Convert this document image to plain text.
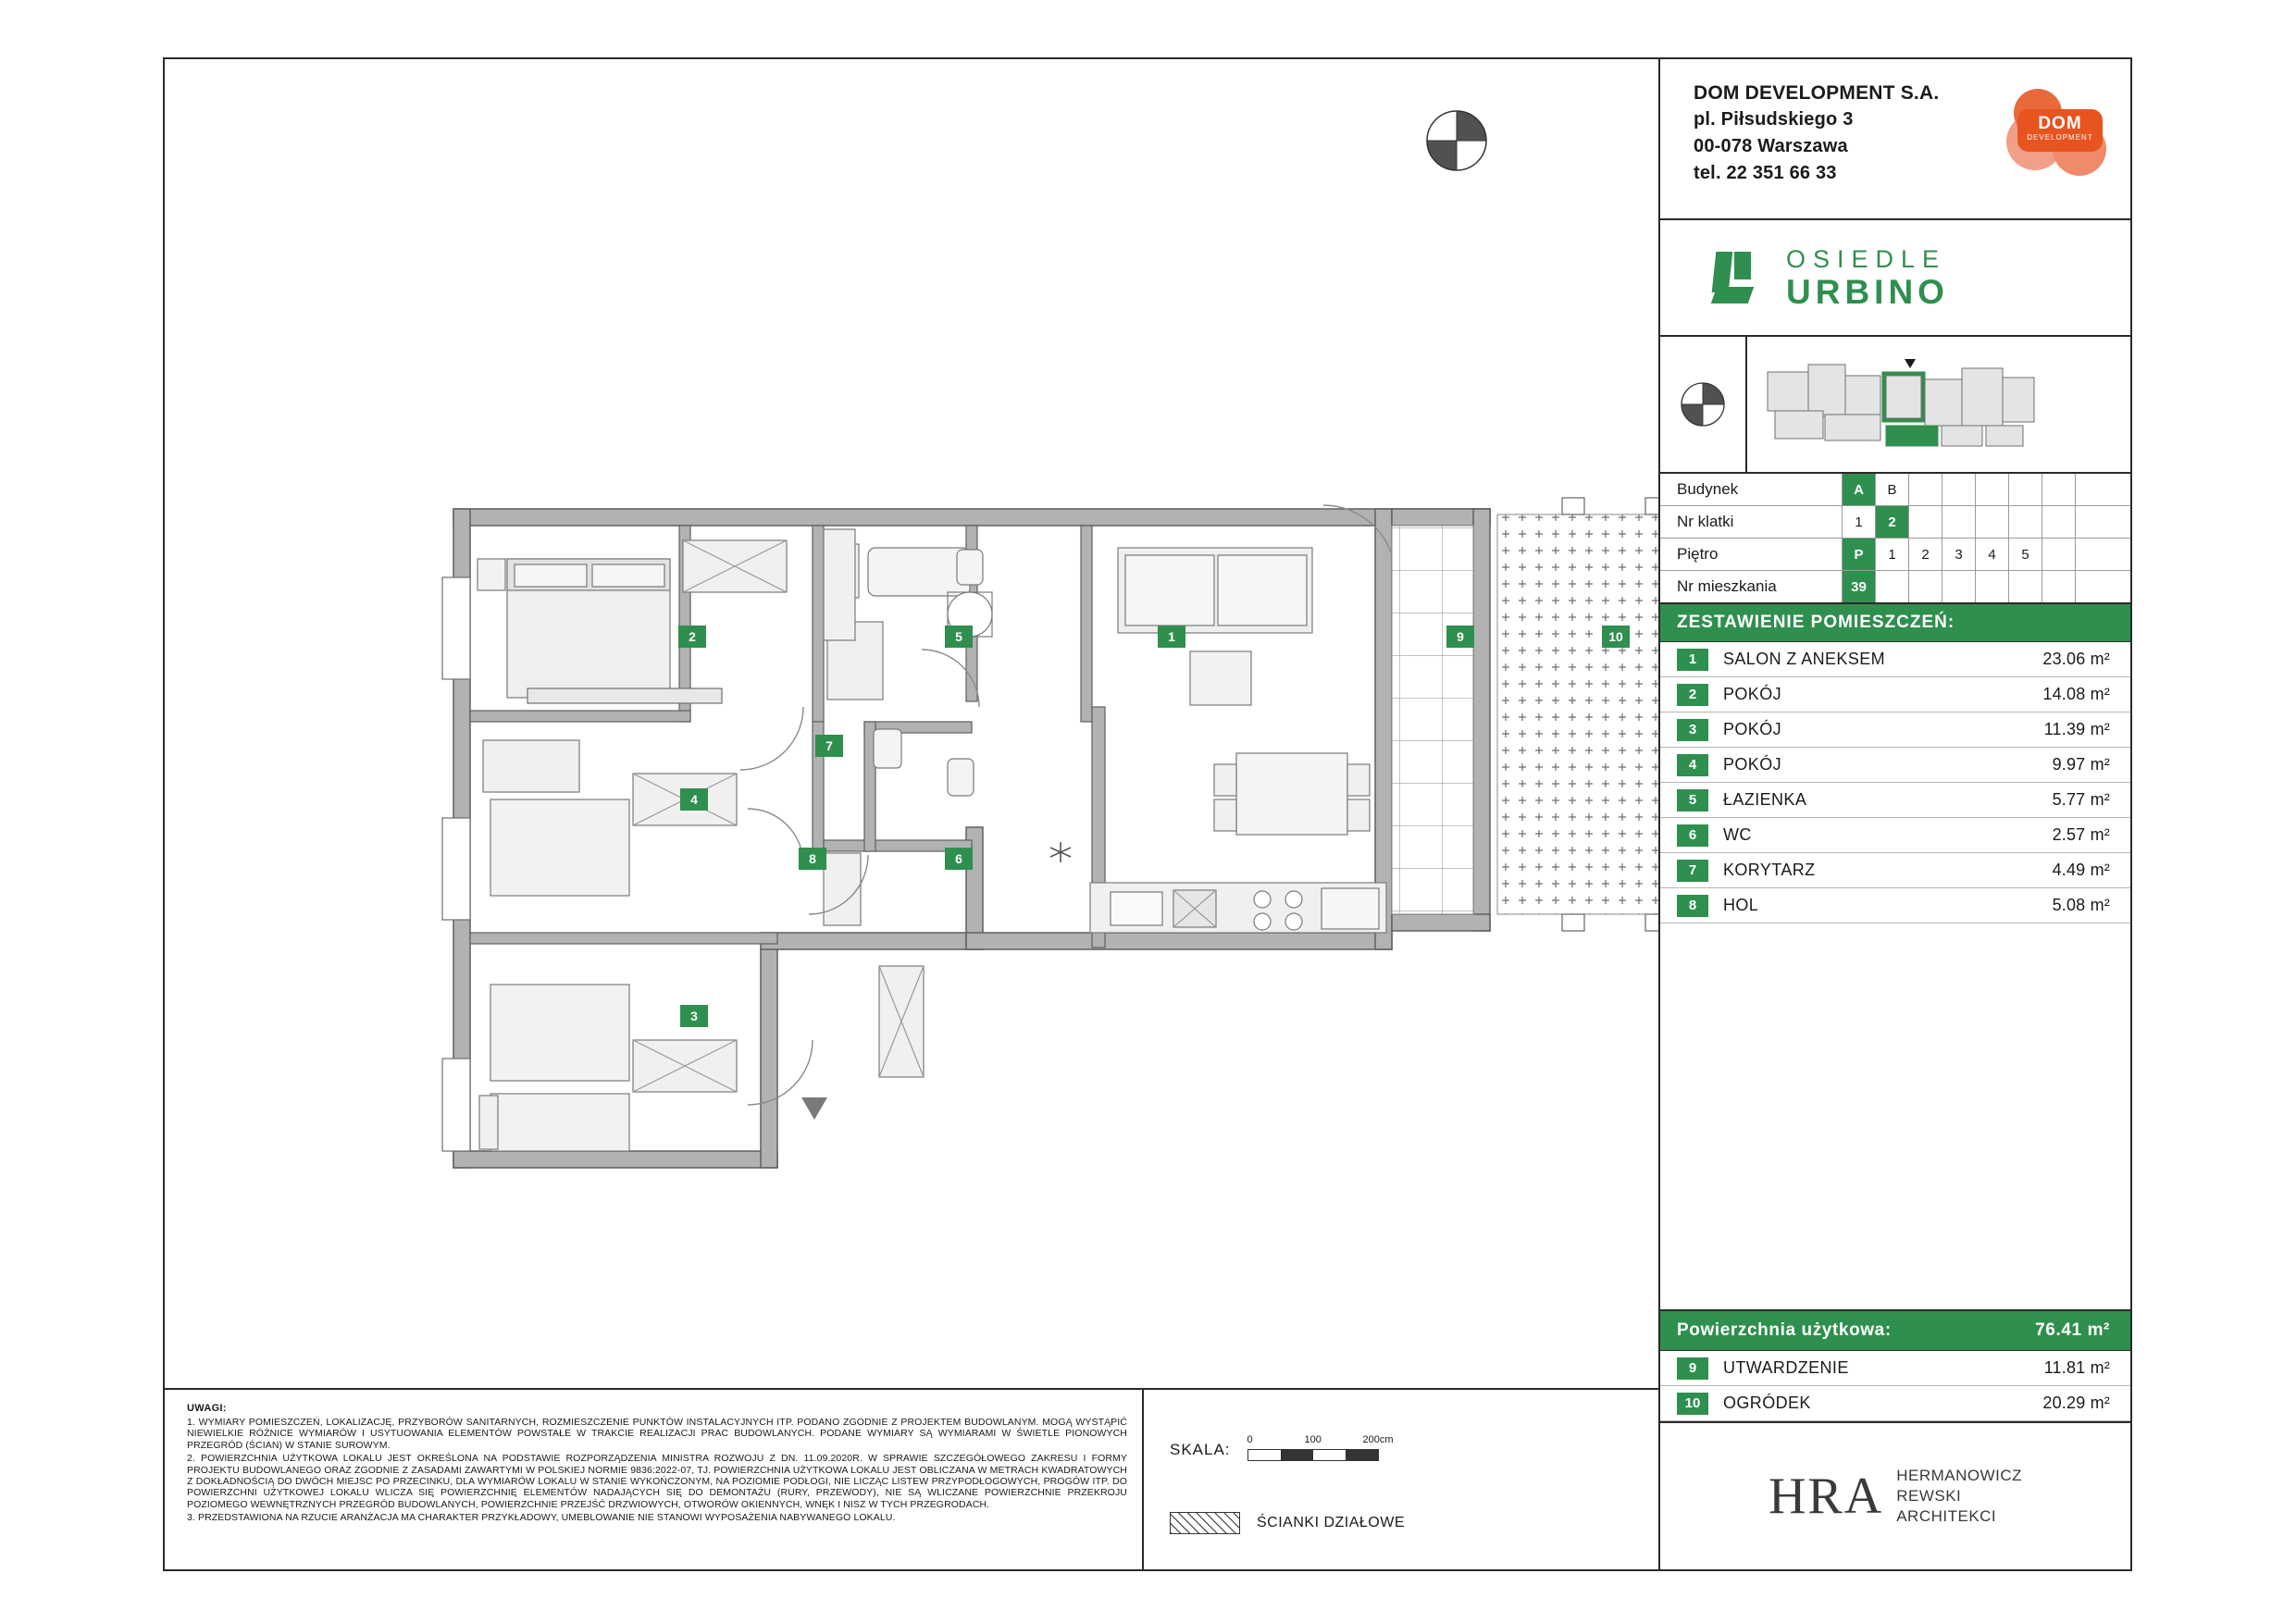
1
2
3
4
5
6
7
8
9	10
UWAGI:

1. WYMIARY POMIESZCZEŃ, LOKALIZACJĘ, PRZYBORÓW SANITARNYCH, ROZMIESZCZENIE PUNKTÓW INSTALACYJNYCH ITP. PODANO ZGODNIE Z PROJEKTEM BUDOWLANYM. MOGĄ WYSTĄPIĆ NIEWIELKIE RÓŻNICE WYMIARÓW I USYTUOWANIA ELEMENTÓW POWSTAŁE W TRAKCIE REALIZACJI PRAC BUDOWLANYCH. PODANE WYMIARY SĄ WYMIARAMI W ŚWIETLE PIONOWYCH PRZEGRÓD (ŚCIAN) W STANIE SUROWYM.

2. POWIERZCHNIA UŻYTKOWA LOKALU JEST OKREŚLONA NA PODSTAWIE ROZPORZĄDZENIA MINISTRA ROZWOJU Z DN. 11.09.2020R. W SPRAWIE SZCZEGÓŁOWEGO ZAKRESU I FORMY PROJEKTU BUDOWLANEGO ORAZ ZGODNIE Z ZASADAMI ZAWARTYMI W POLSKIEJ NORMIE 9836:2022-07, TJ. POWIERZCHNIA UŻYTKOWA LOKALU JEST OBLICZANA W METRACH KWADRATOWYCH Z DOKŁADNOŚCIĄ DO DWÓCH MIEJSC PO PRZECINKU, DLA WYMIARÓW LOKALU W STANIE WYKOŃCZONYM, NA POZIOMIE PODŁOGI, NIE LICZĄC LISTEW PRZYPODŁOGOWYCH, PROGÓW ITP. DO POWIERZCHNI UŻYTKOWEJ LOKALU WLICZA SIĘ POWIERZCHNIĘ ELEMENTÓW NADAJĄCYCH SIĘ DO DEMONTAŻU (RURY, PRZEWODY), NIE SĄ WLICZANE POWIERZCHNIE PRZEKROJU POZIOMEGO WEWNĘTRZNYCH PRZEGRÓD BUDOWLANYCH, POWIERZCHNIE PRZEJŚĆ DRZWIOWYCH, OTWORÓW OKIENNYCH, WNĘK I NISZ W TYCH PRZEGRODACH.

3. PRZEDSTAWIONA NA RZUCIE ARANŻACJA MA CHARAKTER PRZYKŁADOWY, UMEBLOWANIE NIE STANOWI WYPOSAŻENIA NABYWANEGO LOKALU.

SKALA:
0	100	200cm
ŚCIANKI DZIAŁOWE
DOM DEVELOPMENT S.A.
pl. Piłsudskiego 3
00-078 Warszawa
tel. 22 351 66 33
DOM
DEVELOPMENT
OSIEDLE
URBINO
Budynek	A	B
Nr klatki	1	2
Piętro	P	1	2	3	4	5
Nr mieszkania	39
ZESTAWIENIE POMIESZCZEŃ:
1	SALON Z ANEKSEM	23.06 m²
2	POKÓJ	14.08 m²
3	POKÓJ	11.39 m²
4	POKÓJ	9.97 m²
5	ŁAZIENKA	5.77 m²
6	WC	2.57 m²
7	KORYTARZ	4.49 m²
8	HOL	5.08 m²
Powierzchnia użytkowa:	76.41 m²
9	UTWARDZENIE	11.81 m²
10	OGRÓDEK	20.29 m²
HRA HERMANOWICZ
REWSKI
ARCHITEKCI
